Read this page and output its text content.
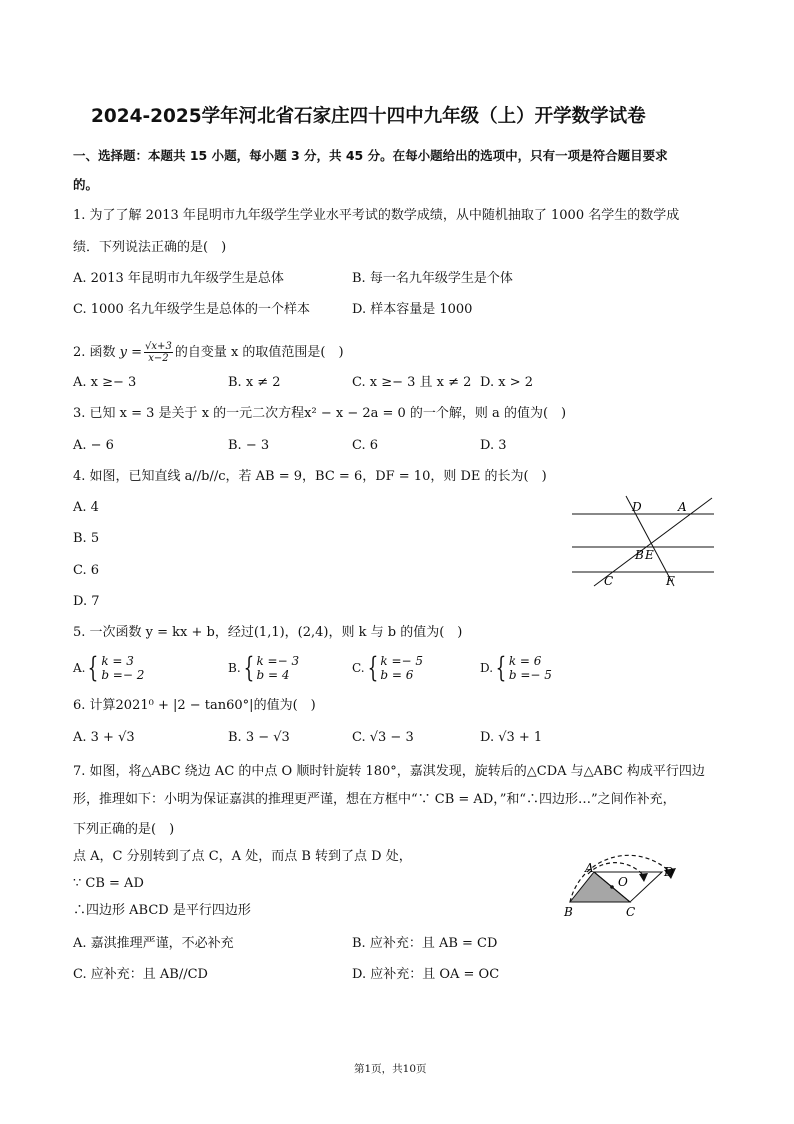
2024-2025学年河北省石家庄四十四中九年级（上）开学数学试卷
一、选择题：本题共 15 小题，每小题 3 分，共 45 分。在每小题给出的选项中，只有一项是符合题目要求
的。
1. 为了了解 2013 年昆明市九年级学生学业水平考试的数学成绩，从中随机抽取了 1000 名学生的数学成
绩．下列说法正确的是(　)
A. 2013 年昆明市九年级学生是总体	B. 每一名九年级学生是个体
C. 1000 名九年级学生是总体的一个样本	D. 样本容量是 1000
2. 函数 $y = \frac{√x+3}{x-2}$ 的自变量 x 的取值范围是(　)
A. x ≥− 3	B. x ≠ 2	C. x ≥− 3 且 x ≠ 2 D. x > 2
3. 已知 x = 3 是关于 x 的一元二次方程x² − x − 2a = 0 的一个解，则 a 的值为(　)
A. − 6	B. − 3	C. 6	D. 3
4. 如图，已知直线 a//b//c，若 AB = 9，BC = 6，DF = 10，则 DE 的长为(　)
A. 4
B. 5
C. 6
D. 7
D	A
B E
C	F
5. 一次函数 y = kx + b，经过(1,1)，(2,4)，则 k 与 b 的值为(　)
A.{ k = 3
b =− 2	B.{ k =− 3
b = 4	C.{ k =− 5
b = 6	D.{ k = 6
b =− 5
6. 计算2021⁰ + |2 − tan60°|的值为(　)
A. 3 + √3	B. 3 − √3	C. √3 − 3	D. √3 + 1
7. 如图，将△ABC 绕边 AC 的中点 O 顺时针旋转 180°，嘉淇发现，旋转后的△CDA 与△ABC 构成平行四边
形，推理如下：小明为保证嘉淇的推理更严谨，想在方框中“∵ CB = AD，”和“∴四边形…”之间作补充，
下列正确的是(　)
点 A，C 分别转到了点 C，A 处，而点 B 转到了点 D 处，
∵ CB = AD
∴四边形 ABCD 是平行四边形
A. 嘉淇推理严谨，不必补充	B. 应补充：且 AB = CD
C. 应补充：且 AB//CD	D. 应补充：且 OA = OC
A
B	C
D
O
第1页，共10页
